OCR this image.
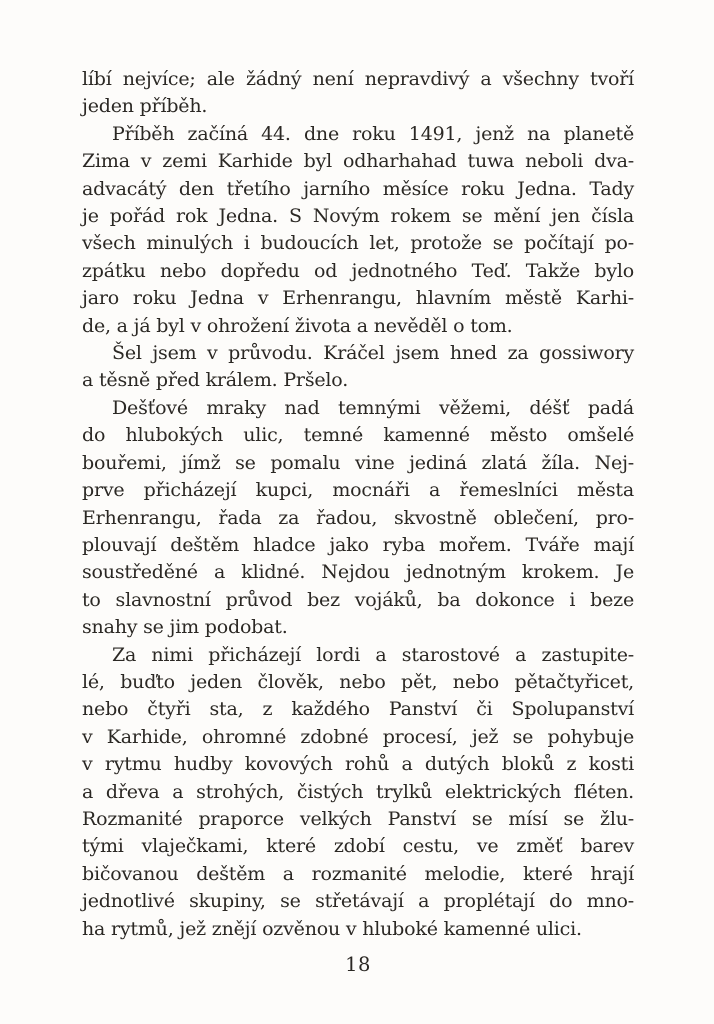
líbí nejvíce; ale žádný není nepravdivý a všechny tvoří
jeden příběh.
Příběh začíná 44. dne roku 1491, jenž na planetě
Zima v zemi Karhide byl odharhahad tuwa neboli dva-
advacátý den třetího jarního měsíce roku Jedna. Tady
je pořád rok Jedna. S Novým rokem se mění jen čísla
všech minulých i budoucích let, protože se počítají po-
zpátku nebo dopředu od jednotného Teď. Takže bylo
jaro roku Jedna v Erhenrangu, hlavním městě Karhi-
de, a já byl v ohrožení života a nevěděl o tom.
Šel jsem v průvodu. Kráčel jsem hned za gossiwory
a těsně před králem. Pršelo.
Dešťové mraky nad temnými věžemi, déšť padá
do hlubokých ulic, temné kamenné město omšelé
bouřemi, jímž se pomalu vine jediná zlatá žíla. Nej-
prve přicházejí kupci, mocnáři a řemeslníci města
Erhenrangu, řada za řadou, skvostně oblečení, pro-
plouvají deštěm hladce jako ryba mořem. Tváře mají
soustředěné a klidné. Nejdou jednotným krokem. Je
to slavnostní průvod bez vojáků, ba dokonce i beze
snahy se jim podobat.
Za nimi přicházejí lordi a starostové a zastupite-
lé, buďto jeden člověk, nebo pět, nebo pětačtyřicet,
nebo čtyři sta, z každého Panství či Spolupanství
v Karhide, ohromné zdobné procesí, jež se pohybuje
v rytmu hudby kovových rohů a dutých bloků z kosti
a dřeva a strohých, čistých trylků elektrických fléten.
Rozmanité praporce velkých Panství se mísí se žlu-
tými vlaječkami, které zdobí cestu, ve změť barev
bičovanou deštěm a rozmanité melodie, které hrají
jednotlivé skupiny, se střetávají a proplétají do mno-
ha rytmů, jež znějí ozvěnou v hluboké kamenné ulici.
18
